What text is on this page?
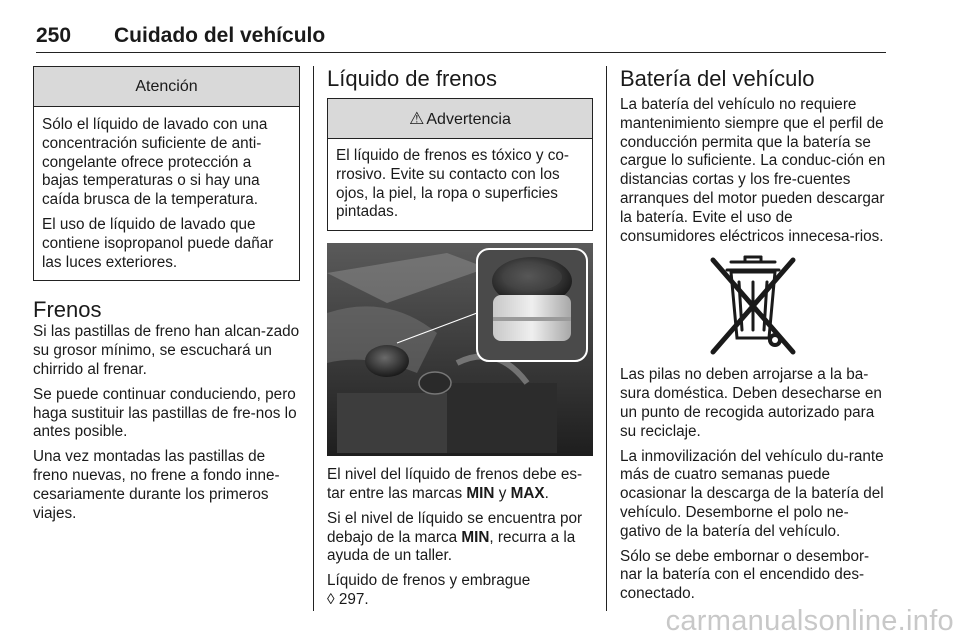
250 Cuidado del vehículo
Atención

Sólo el líquido de lavado con una concentración suficiente de anti-congelante ofrece protección a bajas temperaturas o si hay una caída brusca de la temperatura.

El uso de líquido de lavado que contiene isopropanol puede dañar las luces exteriores.

Frenos

Si las pastillas de freno han alcan-zado su grosor mínimo, se escuchará un chirrido al frenar.

Se puede continuar conduciendo, pero haga sustituir las pastillas de fre-nos lo antes posible.

Una vez montadas las pastillas de freno nuevas, no frene a fondo inne-cesariamente durante los primeros viajes.

Líquido de frenos
⚠ Advertencia

El líquido de frenos es tóxico y co-rrosivo. Evite su contacto con los ojos, la piel, la ropa o superficies pintadas.

El nivel del líquido de frenos debe es-tar entre las marcas MIN y MAX.

Si el nivel de líquido se encuentra por debajo de la marca MIN, recurra a la ayuda de un taller.

Líquido de frenos y embrague
◊ 297.

Batería del vehículo

La batería del vehículo no requiere mantenimiento siempre que el perfil de conducción permita que la batería se cargue lo suficiente. La conduc-ción en distancias cortas y los fre-cuentes arranques del motor pueden descargar la batería. Evite el uso de consumidores eléctricos innecesa-rios.

Las pilas no deben arrojarse a la ba-sura doméstica. Deben desecharse en un punto de recogida autorizado para su reciclaje.

La inmovilización del vehículo du-rante más de cuatro semanas puede ocasionar la descarga de la batería del vehículo. Desemborne el polo ne-gativo de la batería del vehículo.

Sólo se debe embornar o desembor-nar la batería con el encendido des-conectado.

carmanualsonline.info
